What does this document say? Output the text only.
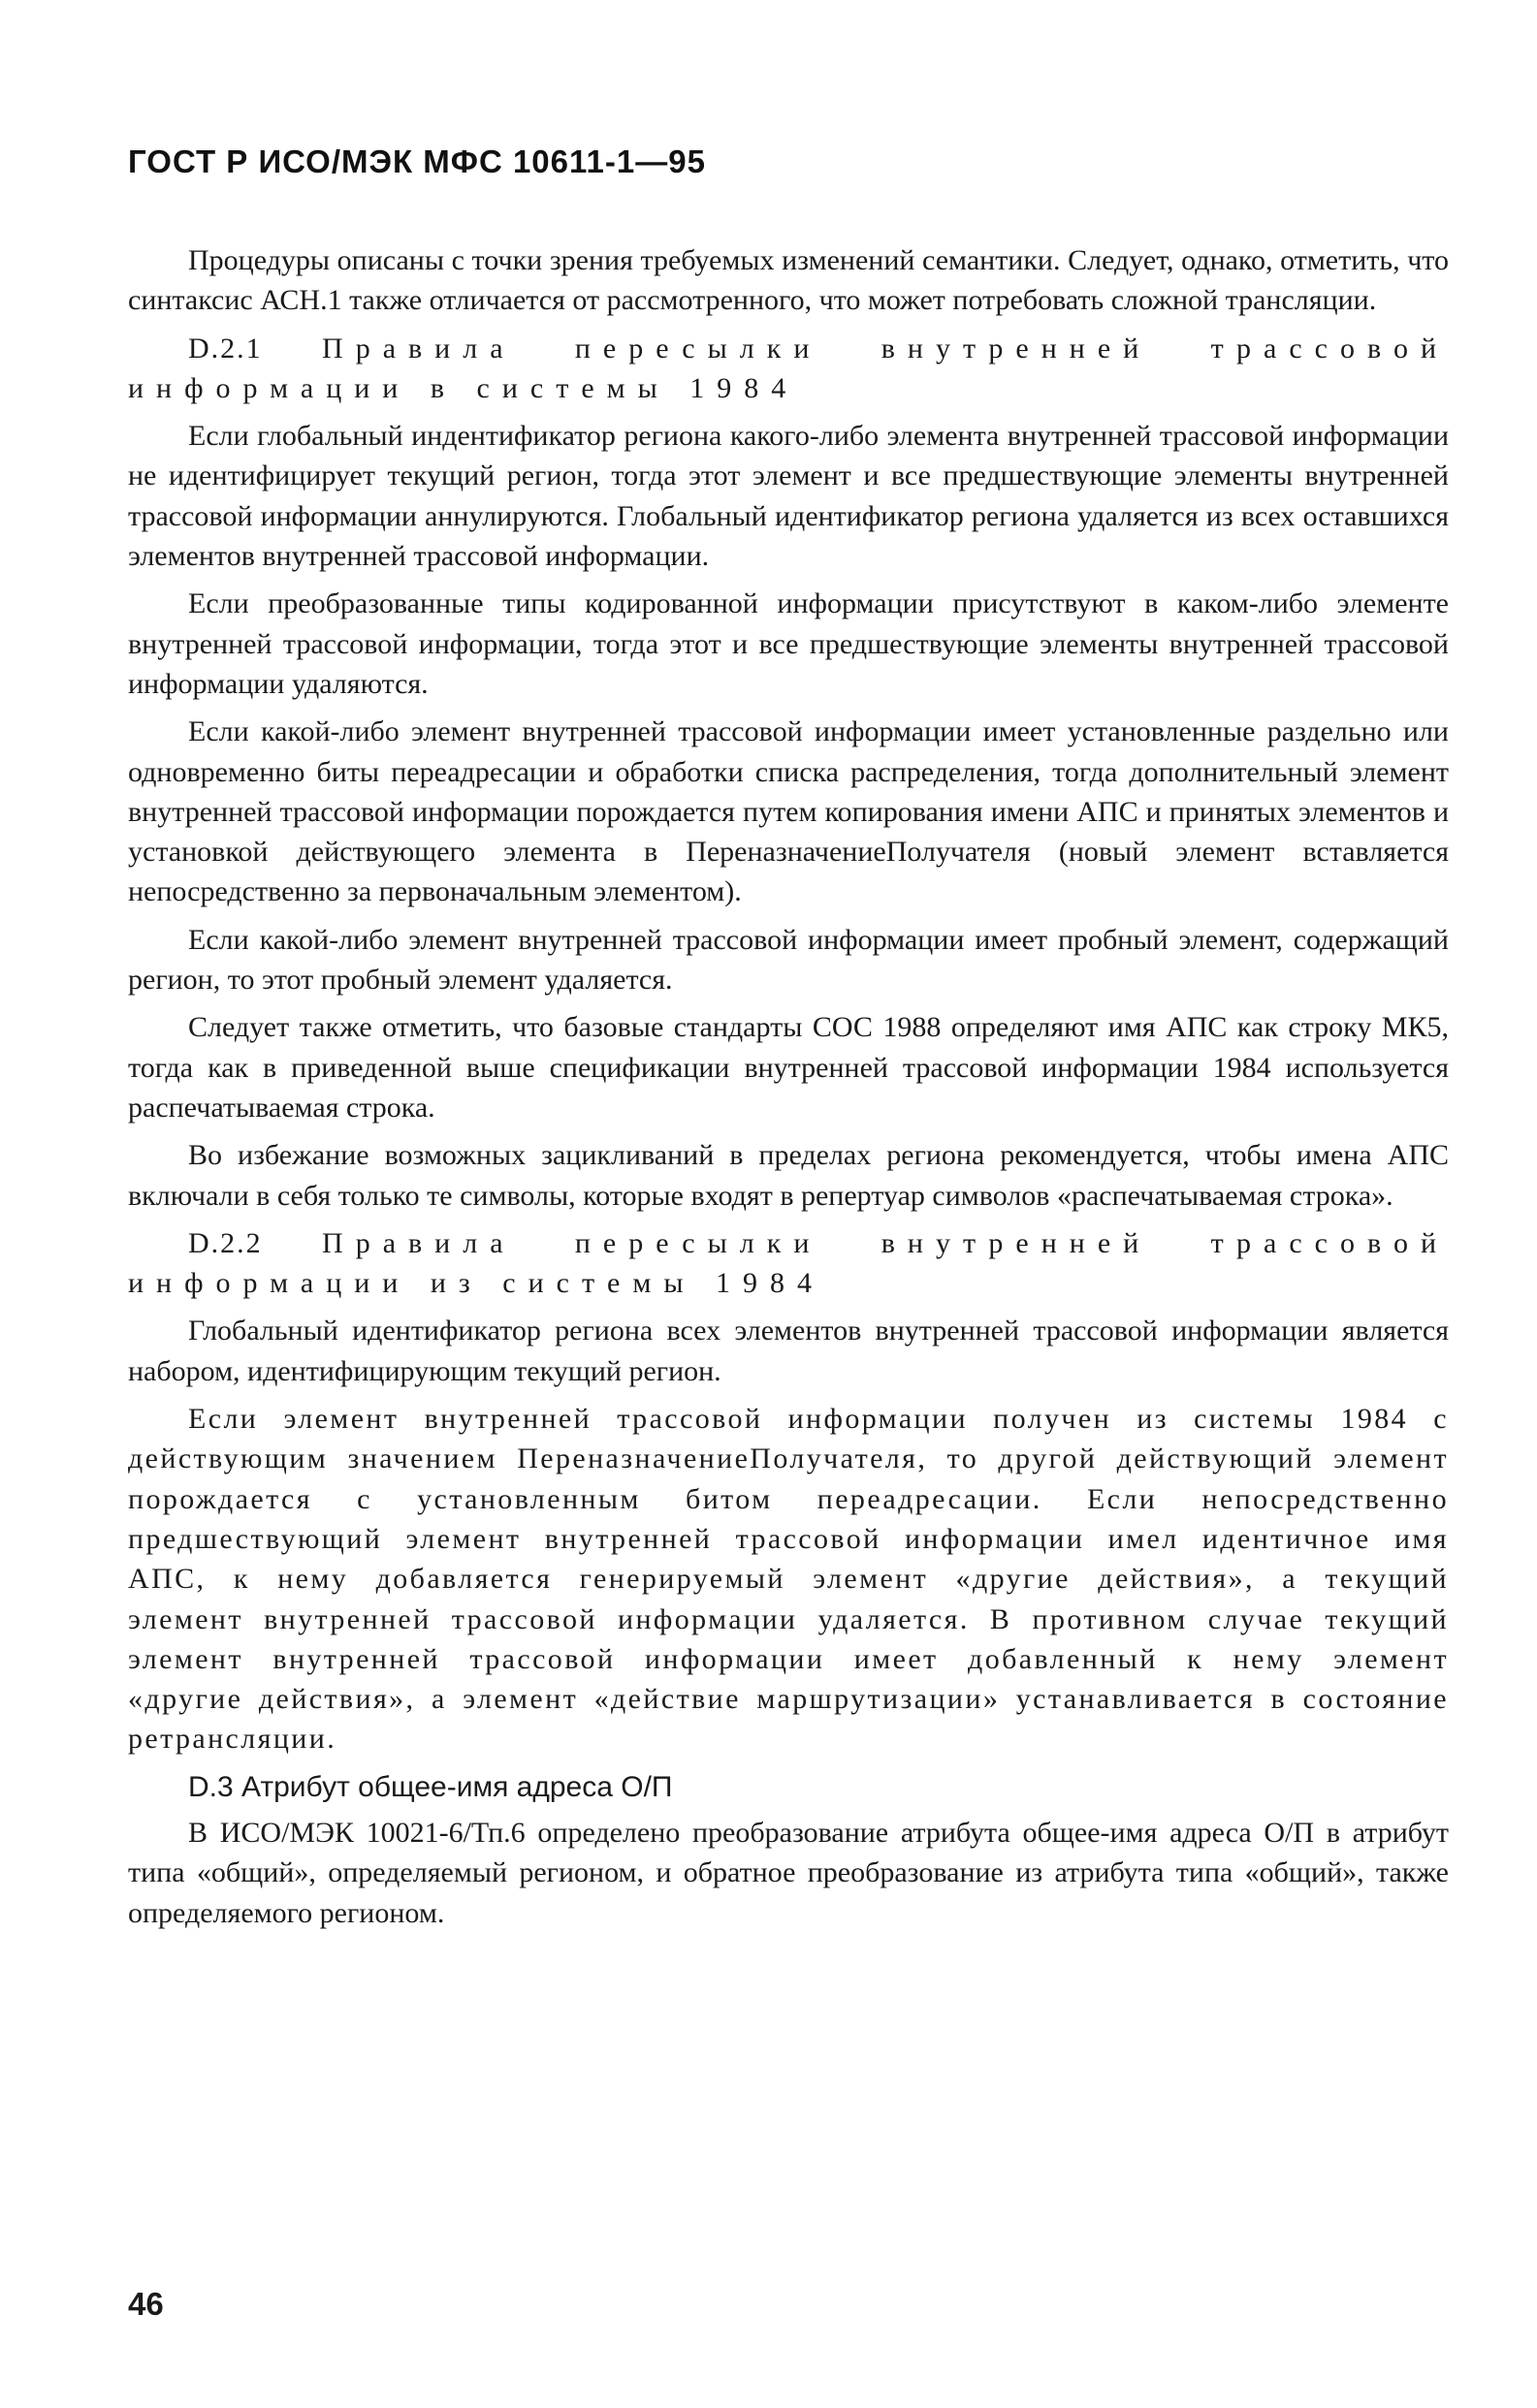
ГОСТ Р ИСО/МЭК МФС 10611-1—95

Процедуры описаны с точки зрения требуемых изменений семантики. Следует, однако, отметить, что синтаксис АСН.1 также отличается от рассмотренного, что может потребовать сложной трансляции.

D.2.1 Правила пересылки внутренней трассовой информации в системы 1984

Если глобальный индентификатор региона какого-либо элемента внутренней трассовой информации не идентифицирует текущий регион, тогда этот элемент и все предшествующие элементы внутренней трассовой информации аннулируются. Глобальный идентификатор региона удаляется из всех оставшихся элементов внутренней трассовой информации.

Если преобразованные типы кодированной информации присутствуют в каком-либо элементе внутренней трассовой информации, тогда этот и все предшествующие элементы внутренней трассовой информации удаляются.

Если какой-либо элемент внутренней трассовой информации имеет установленные раздельно или одновременно биты переадресации и обработки списка распределения, тогда дополнительный элемент внутренней трассовой информации порождается путем копирования имени АПС и принятых элементов и установкой действующего элемента в ПереназначениеПолучателя (новый элемент вставляется непосредственно за первоначальным элементом).

Если какой-либо элемент внутренней трассовой информации имеет пробный элемент, содержащий регион, то этот пробный элемент удаляется.

Следует также отметить, что базовые стандарты СОС 1988 определяют имя АПС как строку МК5, тогда как в приведенной выше спецификации внутренней трассовой информации 1984 используется распечатываемая строка.

Во избежание возможных зацикливаний в пределах региона рекомендуется, чтобы имена АПС включали в себя только те символы, которые входят в репертуар символов «распечатываемая строка».

D.2.2 Правила пересылки внутренней трассовой информации из системы 1984

Глобальный идентификатор региона всех элементов внутренней трассовой информации является набором, идентифицирующим текущий регион.

Если элемент внутренней трассовой информации получен из системы 1984 с действующим значением ПереназначениеПолучателя, то другой действующий элемент порождается с установленным битом переадресации. Если непосредственно предшествующий элемент внутренней трассовой информации имел идентичное имя АПС, к нему добавляется генерируемый элемент «другие действия», а текущий элемент внутренней трассовой информации удаляется. В противном случае текущий элемент внутренней трассовой информации имеет добавленный к нему элемент «другие действия», а элемент «действие маршрутизации» устанавливается в состояние ретрансляции.

D.3 Атрибут общее-имя адреса О/П

В ИСО/МЭК 10021-6/Тп.6 определено преобразование атрибута общее-имя адреса О/П в атрибут типа «общий», определяемый регионом, и обратное преобразование из атрибута типа «общий», также определяемого регионом.

46
